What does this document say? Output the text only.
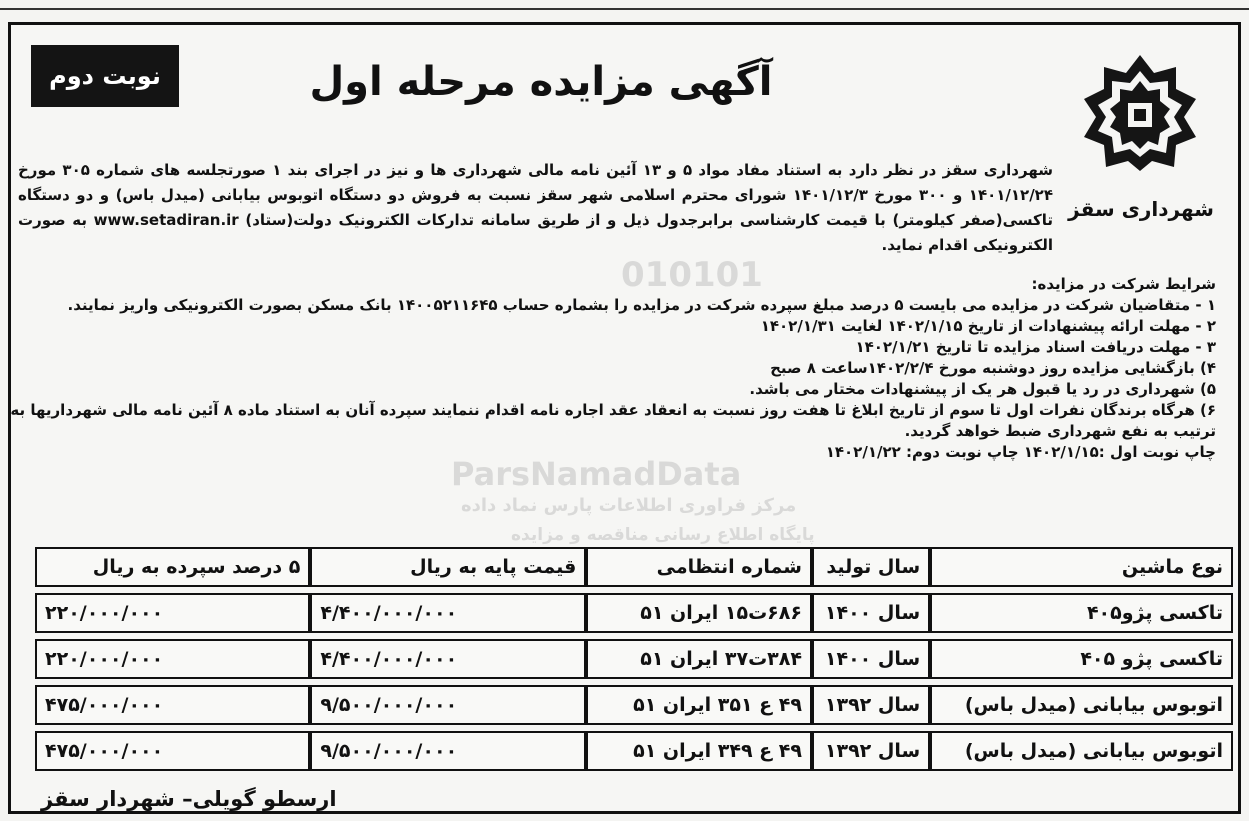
نوبت دوم	آگهی مزایده مرحله اول
شهرداری سقز
شهرداری سقز در نظر دارد به استناد مفاد مواد ۵ و ۱۳ آئین نامه مالی شهرداری ها و نیز در اجرای بند ۱ صورتجلسه های شماره ۳۰۵ مورخ ۱۴۰۱/۱۲/۲۴ و ۳۰۰ مورخ ۱۴۰۱/۱۲/۳ شورای محترم اسلامی شهر سقز نسبت به فروش دو دستگاه اتوبوس بیابانی (میدل باس) و دو دستگاه تاکسی(صفر کیلومتر) با قیمت کارشناسی برابرجدول ذیل و از طریق سامانه تدارکات الکترونیک دولت(ستاد) www.setadiran.ir به صورت الکترونیکی اقدام نماید.
010101
ParsNamadData
مرکز فراوری اطلاعات پارس نماد داده
پایگاه اطلاع رسانی مناقصه و مزایده

شرایط شرکت در مزایده:

۱ - متقاضیان شرکت در مزایده می بایست ۵ درصد مبلغ سپرده شرکت در مزایده را بشماره حساب ۱۴۰۰۵۲۱۱۶۴۵ بانک مسکن بصورت الکترونیکی واریز نمایند.

۲ - مهلت ارائه پیشنهادات از تاریخ ۱۴۰۲/۱/۱۵ لغایت ۱۴۰۲/۱/۳۱

۳ - مهلت دریافت اسناد مزایده تا تاریخ ۱۴۰۲/۱/۲۱

۴) بازگشایی مزایده روز دوشنبه مورخ ۱۴۰۲/۲/۴ساعت ۸ صبح

۵) شهرداری در رد یا قبول هر یک از پیشنهادات مختار می باشد.

۶) هرگاه برندگان نفرات اول تا سوم از تاریخ ابلاغ تا هفت روز نسبت به انعقاد عقد اجاره نامه اقدام ننمایند سپرده آنان به استناد ماده ۸ آئین نامه مالی شهرداریها به ترتیب به نفع شهرداری ضبط خواهد گردید.

چاپ نوبت اول :۱۴۰۲/۱/۱۵ چاپ نوبت دوم: ۱۴۰۲/۱/۲۲

نوع ماشین	سال تولید	شماره انتظامی	قیمت پایه به ریال	۵ درصد سپرده به ریال
تاکسی پژو۴۰۵	سال ۱۴۰۰	۶۸۶ت۱۵ ایران ۵۱	۴/۴۰۰/۰۰۰/۰۰۰	۲۲۰/۰۰۰/۰۰۰
تاکسی پژو ۴۰۵	سال ۱۴۰۰	۳۸۴ت۳۷ ایران ۵۱	۴/۴۰۰/۰۰۰/۰۰۰	۲۲۰/۰۰۰/۰۰۰
اتوبوس بیابانی (میدل باس)	سال ۱۳۹۲	۴۹ ع ۳۵۱ ایران ۵۱	۹/۵۰۰/۰۰۰/۰۰۰	۴۷۵/۰۰۰/۰۰۰
اتوبوس بیابانی (میدل باس)	سال ۱۳۹۲	۴۹ ع ۳۴۹ ایران ۵۱	۹/۵۰۰/۰۰۰/۰۰۰	۴۷۵/۰۰۰/۰۰۰
ارسطو گویلی– شهردار سقز
